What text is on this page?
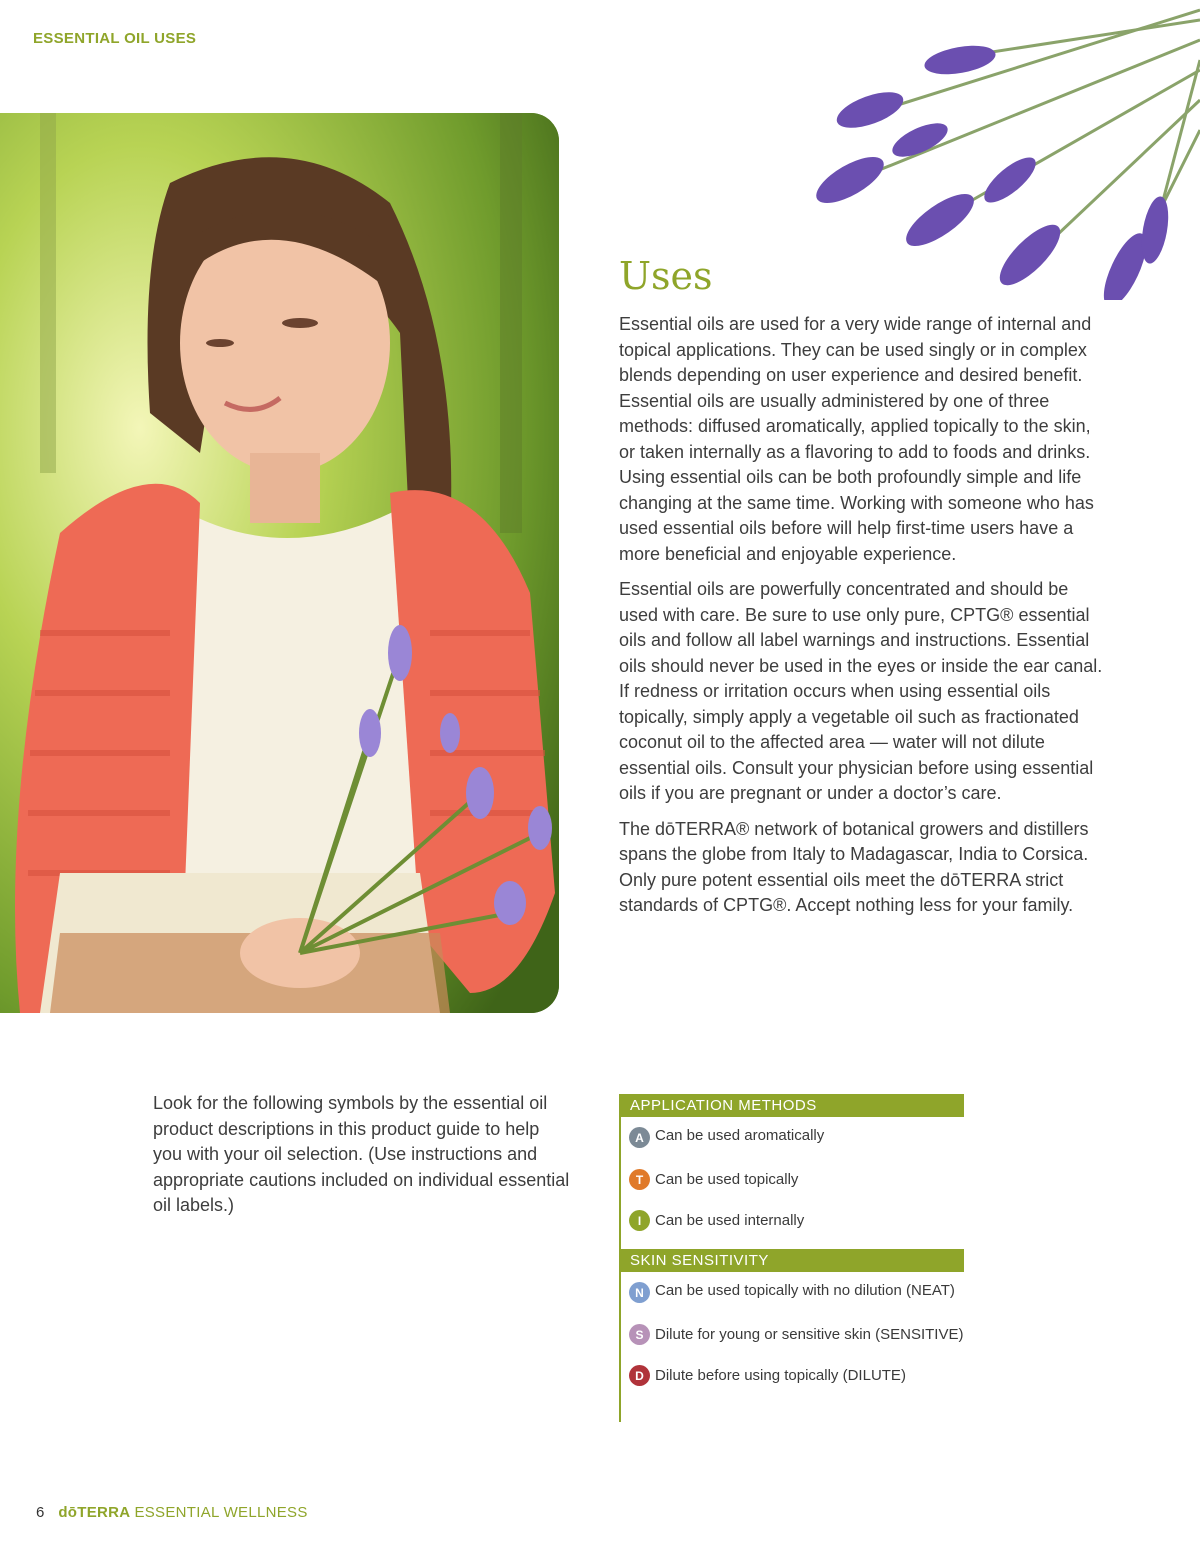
ESSENTIAL OIL USES
Uses

Essential oils are used for a very wide range of internal and topical applications. They can be used singly or in complex blends depending on user experience and desired benefit. Essential oils are usually administered by one of three methods: diffused aromatically, applied topically to the skin, or taken internally as a flavoring to add to foods and drinks. Using essential oils can be both profoundly simple and life changing at the same time. Working with someone who has used essential oils before will help first-time users have a more beneficial and enjoyable experience.

Essential oils are powerfully concentrated and should be used with care. Be sure to use only pure, CPTG® essential oils and follow all label warnings and instructions. Essential oils should never be used in the eyes or inside the ear canal. If redness or irritation occurs when using essential oils topically, simply apply a vegetable oil such as fractionated coconut oil to the affected area — water will not dilute essential oils. Consult your physician before using essential oils if you are pregnant or under a doctor’s care.

The dōTERRA® network of botanical growers and distillers spans the globe from Italy to Madagascar, India to Corsica. Only pure potent essential oils meet the dōTERRA strict standards of CPTG®. Accept nothing less for your family.

Look for the following symbols by the essential oil product descriptions in this product guide to help you with your oil selection. (Use instructions and appropriate cautions included on individual essential oil labels.)

APPLICATION METHODS
A Can be used aromatically
T Can be used topically
I Can be used internally
SKIN SENSITIVITY
N Can be used topically with no dilution (NEAT)
S Dilute for young or sensitive skin (SENSITIVE)
D Dilute before using topically (DILUTE)
6 dōTERRA ESSENTIAL WELLNESS
